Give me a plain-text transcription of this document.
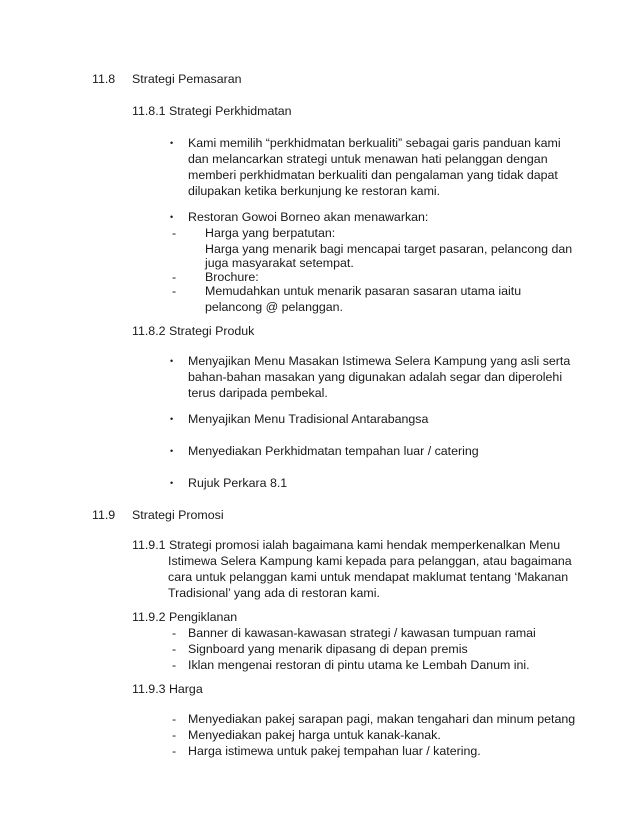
11.8 Strategi Pemasaran
11.8.1 Strategi Perkhidmatan
• Kami memilih “perkhidmatan berkualiti” sebagai garis panduan kami
dan melancarkan strategi untuk menawan hati pelanggan dengan
memberi perkhidmatan berkualiti dan pengalaman yang tidak dapat
dilupakan ketika berkunjung ke restoran kami.
• Restoran Gowoi Borneo akan menawarkan:
- Harga yang berpatutan:
Harga yang menarik bagi mencapai target pasaran, pelancong dan
juga masyarakat setempat.
- Brochure:
- Memudahkan untuk menarik pasaran sasaran utama iaitu
pelancong @ pelanggan.
11.8.2 Strategi Produk
• Menyajikan Menu Masakan Istimewa Selera Kampung yang asli serta
bahan-bahan masakan yang digunakan adalah segar dan diperolehi
terus daripada pembekal.
• Menyajikan Menu Tradisional Antarabangsa
• Menyediakan Perkhidmatan tempahan luar / catering
• Rujuk Perkara 8.1
11.9 Strategi Promosi
11.9.1 Strategi promosi ialah bagaimana kami hendak memperkenalkan Menu
Istimewa Selera Kampung kami kepada para pelanggan, atau bagaimana
cara untuk pelanggan kami untuk mendapat maklumat tentang ‘Makanan
Tradisional’ yang ada di restoran kami.
11.9.2 Pengiklanan
- Banner di kawasan-kawasan strategi / kawasan tumpuan ramai
- Signboard yang menarik dipasang di depan premis
- Iklan mengenai restoran di pintu utama ke Lembah Danum ini.
11.9.3 Harga
- Menyediakan pakej sarapan pagi, makan tengahari dan minum petang
- Menyediakan pakej harga untuk kanak-kanak.
- Harga istimewa untuk pakej tempahan luar / katering.
